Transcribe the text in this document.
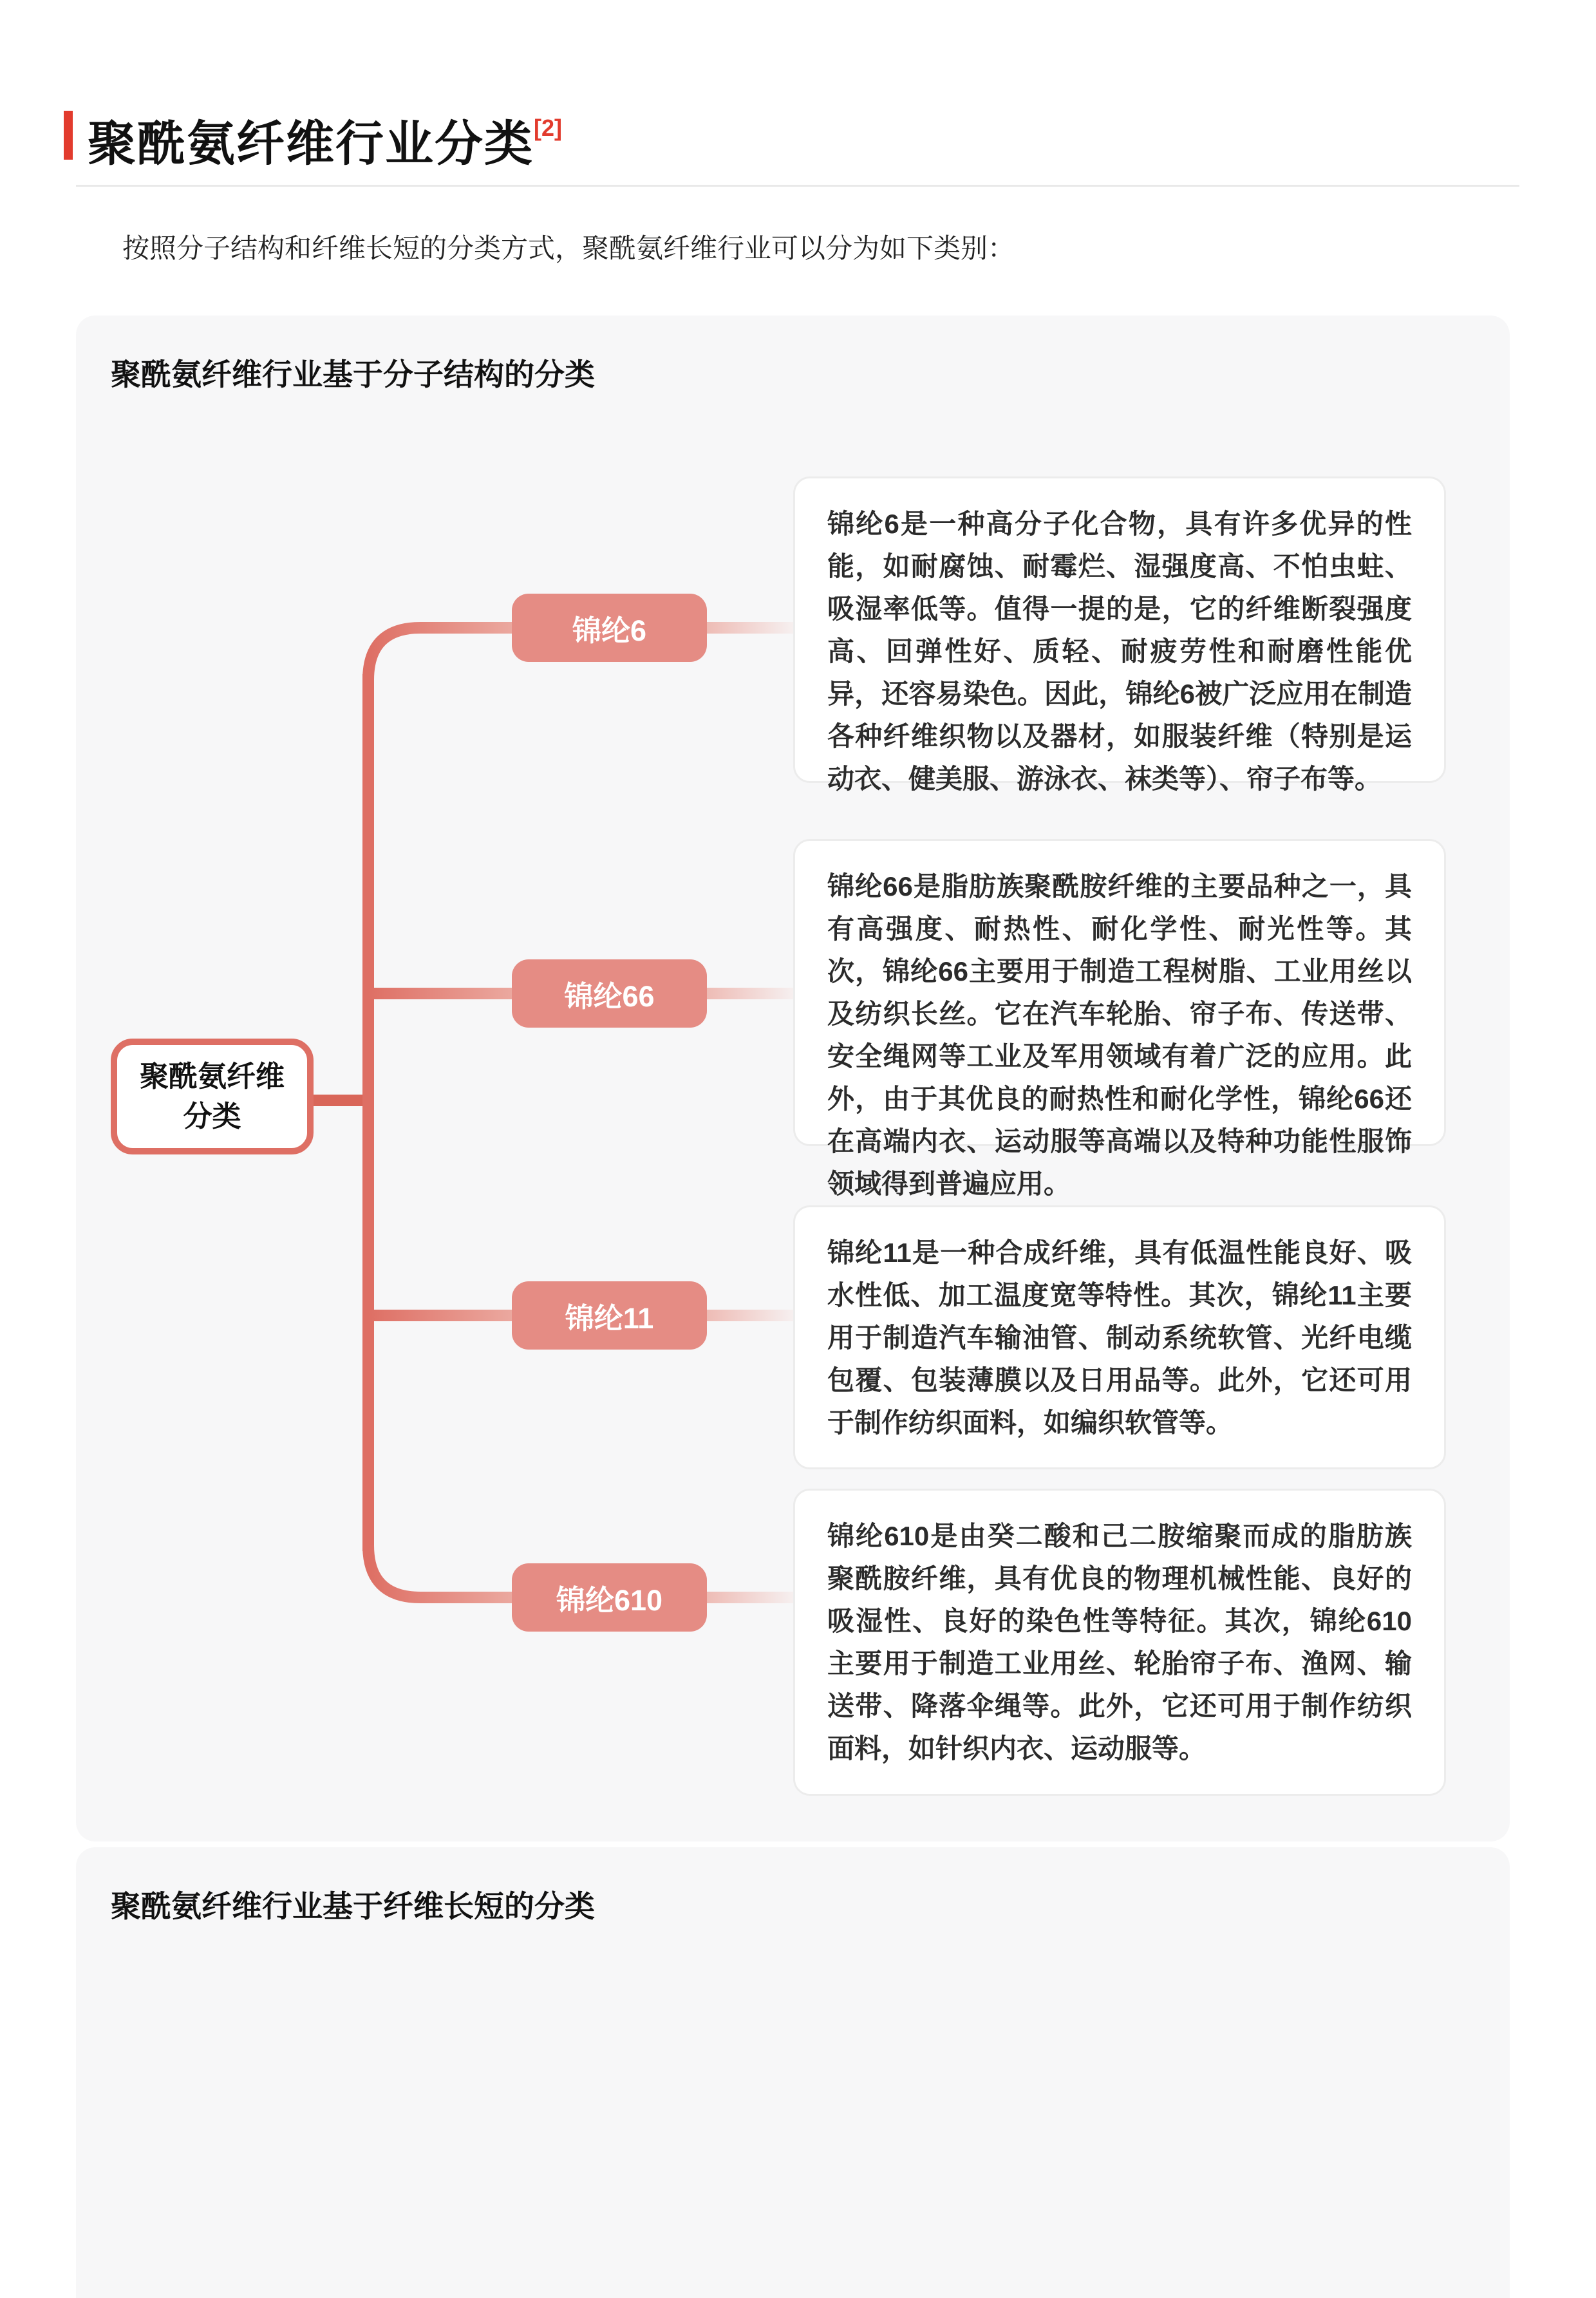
聚酰氨纤维行业分类[2]
按照分子结构和纤维长短的分类方式，聚酰氨纤维行业可以分为如下类别：
聚酰氨纤维行业基于分子结构的分类
聚酰氨纤维
分类
锦纶6
锦纶66
锦纶11
锦纶610
锦纶6是一种高分子化合物，具有许多优异的性能，如耐腐蚀、耐霉烂、湿强度高、不怕虫蛀、吸湿率低等。值得一提的是，它的纤维断裂强度高、回弹性好、质轻、耐疲劳性和耐磨性能优异，还容易染色。因此，锦纶6被广泛应用在制造各种纤维织物以及器材，如服装纤维（特别是运动衣、健美服、游泳衣、袜类等）、帘子布等。
锦纶66是脂肪族聚酰胺纤维的主要品种之一，具有高强度、耐热性、耐化学性、耐光性等。其次，锦纶66主要用于制造工程树脂、工业用丝以及纺织长丝。它在汽车轮胎、帘子布、传送带、安全绳网等工业及军用领域有着广泛的应用。此外，由于其优良的耐热性和耐化学性，锦纶66还在高端内衣、运动服等高端以及特种功能性服饰领域得到普遍应用。
锦纶11是一种合成纤维，具有低温性能良好、吸水性低、加工温度宽等特性。其次，锦纶11主要用于制造汽车输油管、制动系统软管、光纤电缆包覆、包装薄膜以及日用品等。此外，它还可用于制作纺织面料，如编织软管等。
锦纶610是由癸二酸和己二胺缩聚而成的脂肪族聚酰胺纤维，具有优良的物理机械性能、良好的吸湿性、良好的染色性等特征。其次，锦纶610主要用于制造工业用丝、轮胎帘子布、渔网、输送带、降落伞绳等。此外，它还可用于制作纺织面料，如针织内衣、运动服等。
聚酰氨纤维行业基于纤维长短的分类
